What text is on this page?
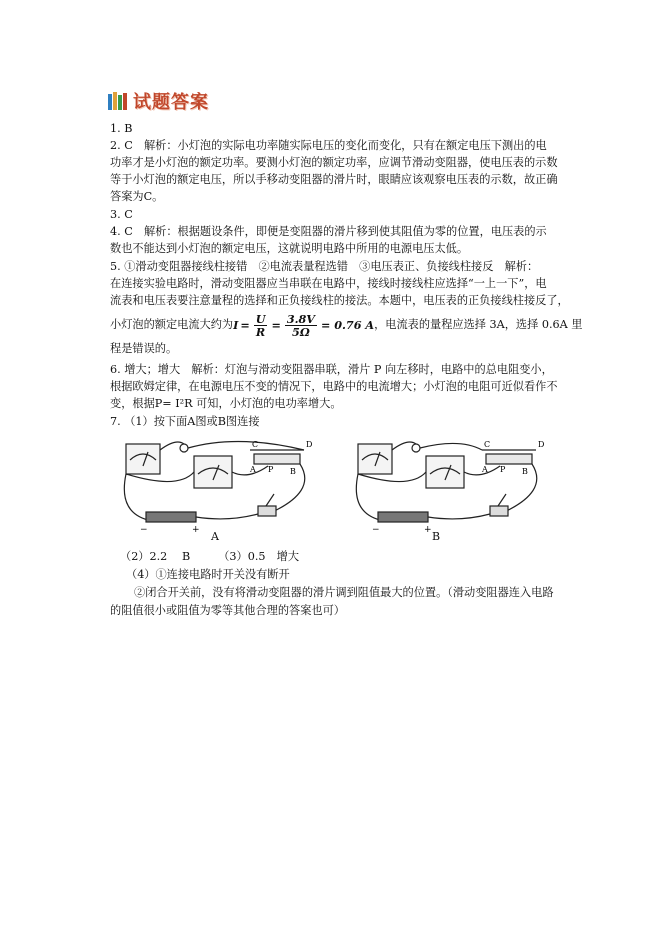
试题答案
1. B
2. C　解析：小灯泡的实际电功率随实际电压的变化而变化，只有在额定电压下测出的电
功率才是小灯泡的额定功率。要测小灯泡的额定功率，应调节滑动变阻器，使电压表的示数
等于小灯泡的额定电压，所以手移动变阻器的滑片时，眼睛应该观察电压表的示数，故正确
答案为C。
3. C
4. C　解析：根据题设条件，即便是变阻器的滑片移到使其阻值为零的位置，电压表的示
数也不能达到小灯泡的额定电压，这就说明电路中所用的电源电压太低。
5. ①滑动变阻器接线柱接错　②电流表量程选错　③电压表正、负接线柱接反　解析：
在连接实验电路时，滑动变阻器应当串联在电路中，接线时接线柱应选择“一上一下”，电
流表和电压表要注意量程的选择和正负接线柱的接法。本题中，电压表的正负接线柱接反了，
小灯泡的额定电流大约为 $I = \frac{U}{R} = \frac{3.8V}{5\Omega} = 0.76$ A ，电流表的量程应选择 3A，选择 0.6A 里
程是错误的。
6. 增大；增大　解析：灯泡与滑动变阻器串联，滑片 P 向左移时，电路中的总电阻变小，
根据欧姆定律，在电源电压不变的情况下，电路中的电流增大；小灯泡的电阻可近似看作不
变，根据P= I²R 可知，小灯泡的电功率增大。
7. （1）按下面A图或B图连接
C	D
P B
A
−	+ A
C	D
P B
A
−	+ B
（2）2.2　 B　　　（3）0.5　增大
（4）①连接电路时开关没有断开
②闭合开关前，没有将滑动变阻器的滑片调到阻值最大的位置。（滑动变阻器连入电路
的阻值很小或阻值为零等其他合理的答案也可）
